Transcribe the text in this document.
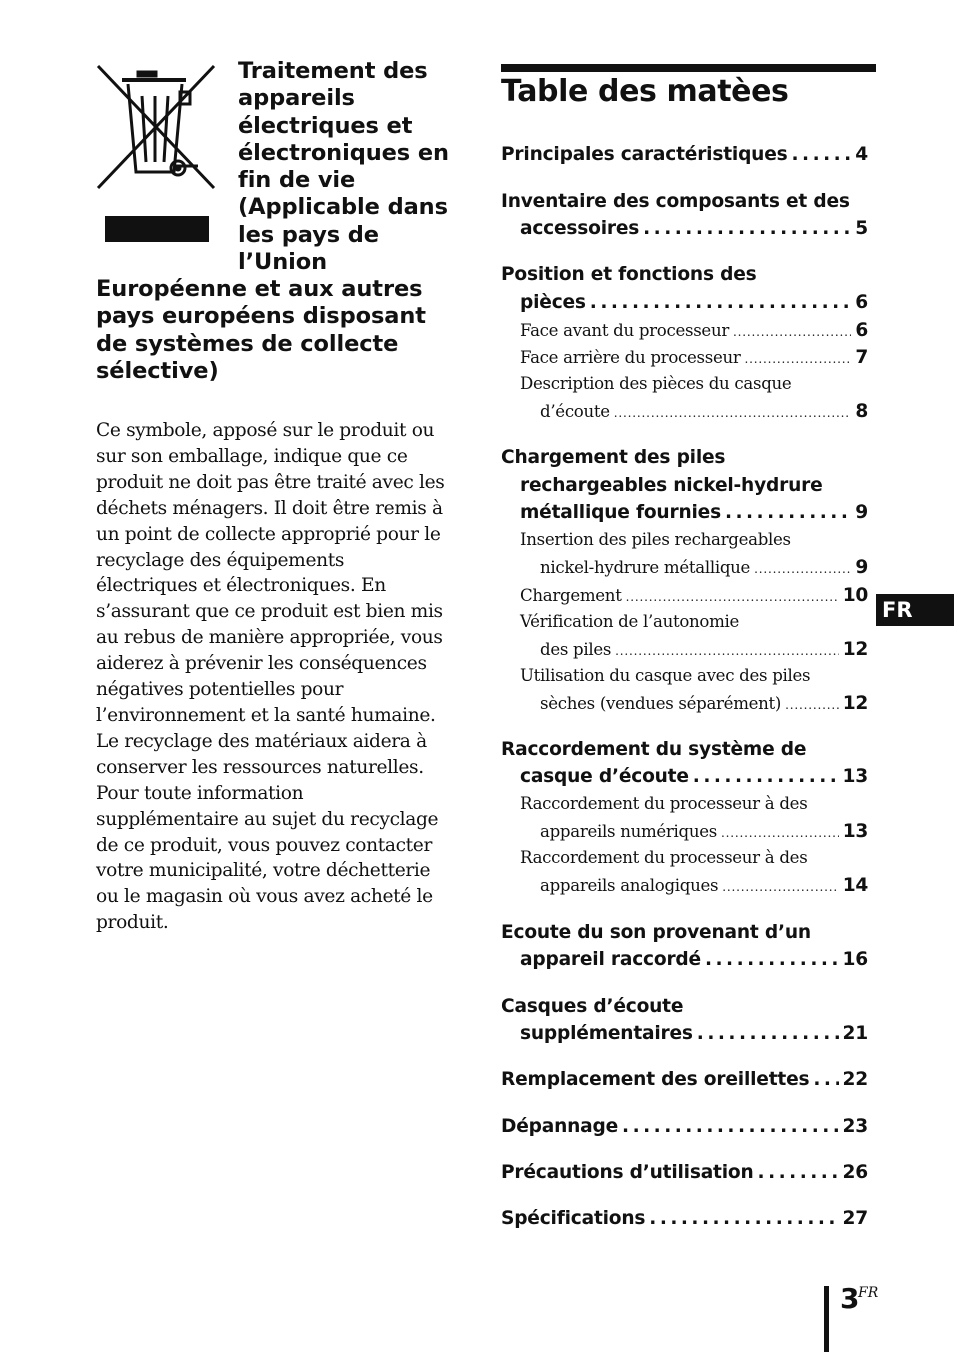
Traitement des
appareils
électriques et
électroniques en
fin de vie
(Applicable dans
les pays de
l’Union

Européenne et aux autres
pays européens disposant
de systèmes de collecte
sélective)

Ce symbole, apposé sur le produit ou
sur son emballage, indique que ce
produit ne doit pas être traité avec les
déchets ménagers. Il doit être remis à
un point de collecte approprié pour le
recyclage des équipements
électriques et électroniques. En
s’assurant que ce produit est bien mis
au rebus de manière appropriée, vous
aiderez à prévenir les conséquences
négatives potentielles pour
l’environnement et la santé humaine.
Le recyclage des matériaux aidera à
conserver les ressources naturelles.
Pour toute information
supplémentaire au sujet du recyclage
de ce produit, vous pouvez contacter
votre municipalité, votre déchetterie
ou le magasin où vous avez acheté le
produit.

Table des matèes
Principales caractéristiques . . .	4
Inventaire des composants et des
accessoires . . .	5
Position et fonctions des
pièces . . .	6
Face avant du processeur . . .	6
Face arrière du processeur . . .	7
Description des pièces du casque
d’écoute . . .	8
Chargement des piles
rechargeables nickel-hydrure
métallique fournies . . .	9
Insertion des piles rechargeables
nickel-hydrure métallique . . .	9
Chargement . . .	10
Vérification de l’autonomie
des piles . . .	12
Utilisation du casque avec des piles
sèches (vendues séparément) . . .	12
Raccordement du système de
casque d’écoute . . .	13
Raccordement du processeur à des
appareils numériques . . .	13
Raccordement du processeur à des
appareils analogiques . . .	14
Ecoute du son provenant d’un
appareil raccordé . . .	16
Casques d’écoute
supplémentaires . . .	21
Remplacement des oreillettes . . . 22
Dépannage . . .	23
Précautions d’utilisation . . .	26
Spécifications . . .	27
FR
3
FR
